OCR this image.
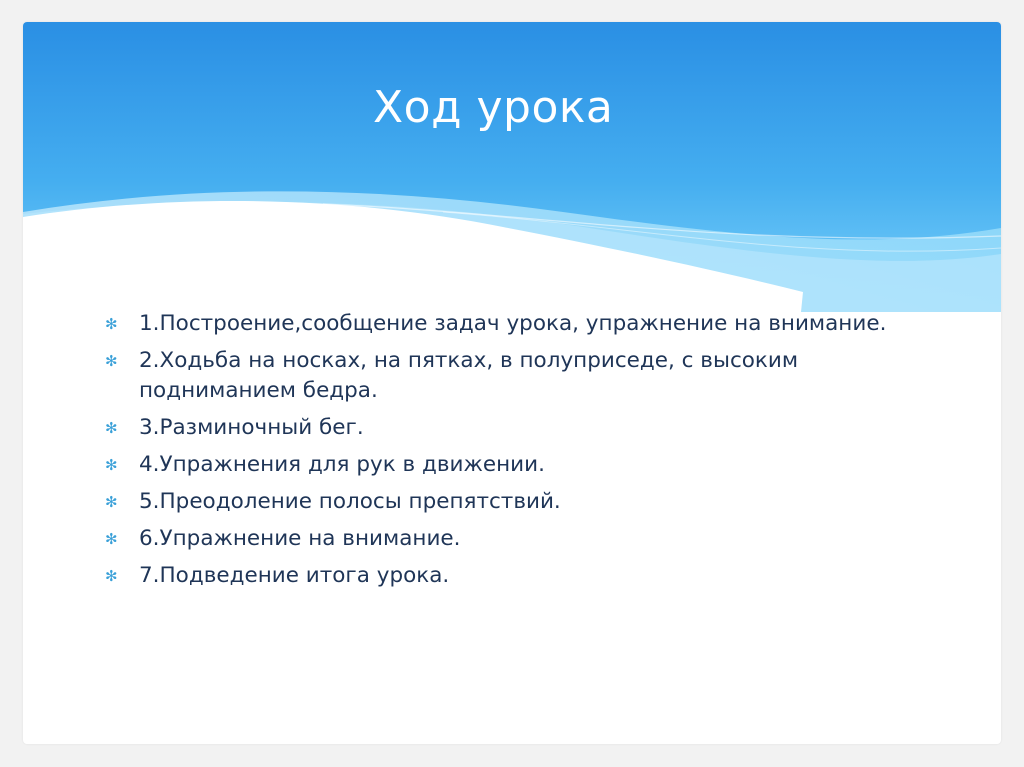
Ход урока
✻ 1.Построение,сообщение задач урока, упражнение на внимание.
✻ 2.Ходьба на носках, на пятках, в полуприседе, с высоким подниманием бедра.
✻ 3.Разминочный бег.
✻ 4.Упражнения для рук в движении.
✻ 5.Преодоление полосы препятствий.
✻ 6.Упражнение на внимание.
✻ 7.Подведение итога урока.
